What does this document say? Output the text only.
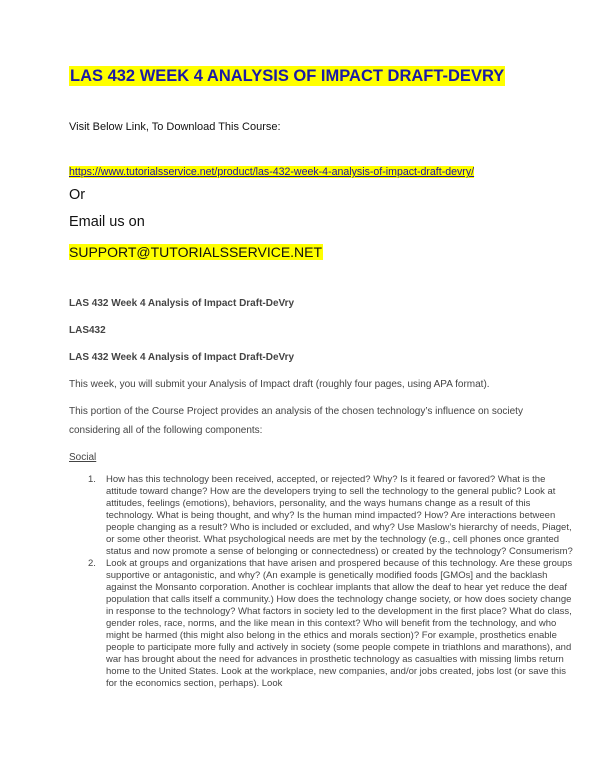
LAS 432 WEEK 4 ANALYSIS OF IMPACT DRAFT-DEVRY
Visit Below Link, To Download This Course:
https://www.tutorialsservice.net/product/las-432-week-4-analysis-of-impact-draft-devry/
Or
Email us on
SUPPORT@TUTORIALSSERVICE.NET
LAS 432 Week 4 Analysis of Impact Draft-DeVry
LAS432
LAS 432 Week 4 Analysis of Impact Draft-DeVry
This week, you will submit your Analysis of Impact draft (roughly four pages, using APA format).
This portion of the Course Project provides an analysis of the chosen technology’s influence on society
considering all of the following components:
Social
1. How has this technology been received, accepted, or rejected? Why? Is it feared or favored? What is the attitude toward change? How are the developers trying to sell the technology to the general public? Look at attitudes, feelings (emotions), behaviors, personality, and the ways humans change as a result of this technology. What is being thought, and why? Is the human mind impacted? How? Are interactions between people changing as a result? Who is included or excluded, and why? Use Maslow’s hierarchy of needs, Piaget, or some other theorist. What psychological needs are met by the technology (e.g., cell phones once granted status and now promote a sense of belonging or connectedness) or created by the technology? Consumerism?
2. Look at groups and organizations that have arisen and prospered because of this technology. Are these groups supportive or antagonistic, and why? (An example is genetically modified foods [GMOs] and the backlash against the Monsanto corporation. Another is cochlear implants that allow the deaf to hear yet reduce the deaf population that calls itself a community.) How does the technology change society, or how does society change in response to the technology? What factors in society led to the development in the first place? What do class, gender roles, race, norms, and the like mean in this context? Who will benefit from the technology, and who might be harmed (this might also belong in the ethics and morals section)? For example, prosthetics enable people to participate more fully and actively in society (some people compete in triathlons and marathons), and war has brought about the need for advances in prosthetic technology as casualties with missing limbs return home to the United States. Look at the workplace, new companies, and/or jobs created, jobs lost (or save this for the economics section, perhaps). Look
